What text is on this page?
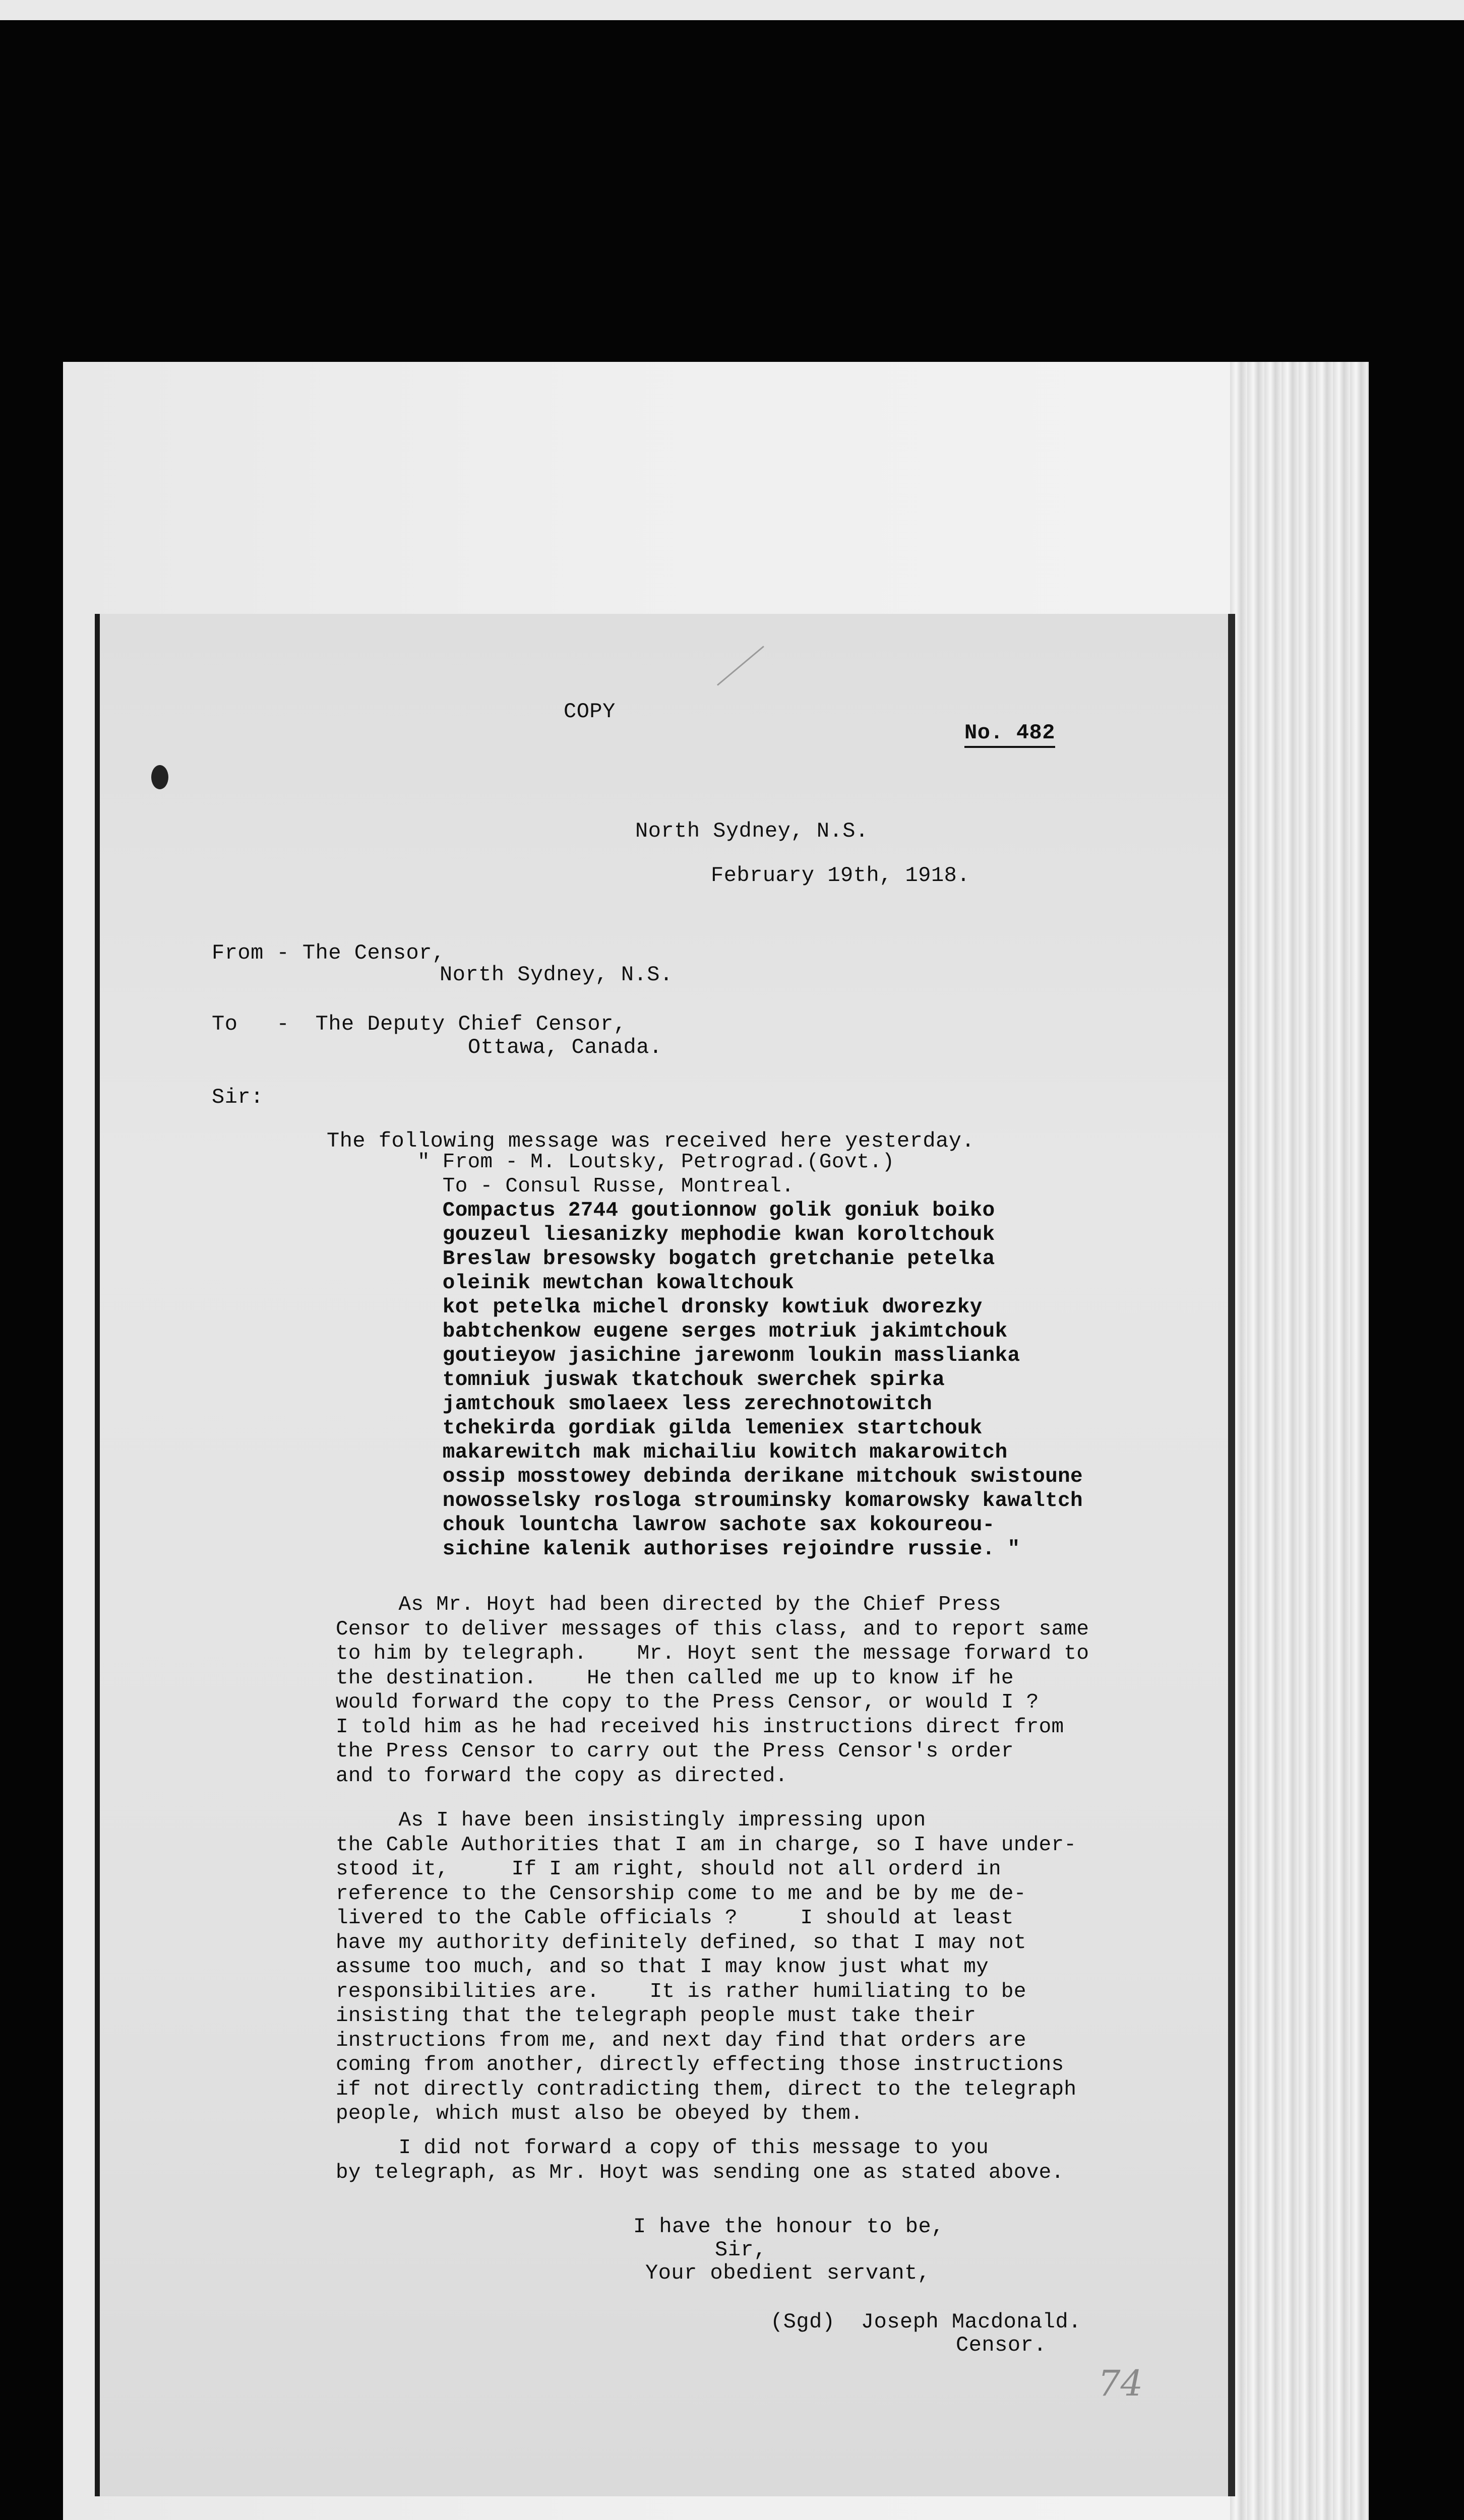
COPY
No. 482
North Sydney, N.S.
February 19th, 1918.
From - The Censor,
North Sydney, N.S.
To   -  The Deputy Chief Censor,
Ottawa, Canada.
Sir:
The following message was received here yesterday.
" From - M. Loutsky, Petrograd.(Govt.)
To - Consul Russe, Montreal.
Compactus 2744 goutionnow golik goniuk boiko
gouzeul liesanizky mephodie kwan koroltchouk
Breslaw bresowsky bogatch gretchanie petelka
oleinik mewtchan kowaltchouk
kot petelka michel dronsky kowtiuk dworezky
babtchenkow eugene serges motriuk jakimtchouk
goutieyow jasichine jarewonm loukin masslianka
tomniuk juswak tkatchouk swerchek spirka
jamtchouk smolaeex less zerechnotowitch
tchekirda gordiak gilda lemeniex startchouk
makarewitch mak michailiu kowitch makarowitch
ossip mosstowey debinda derikane mitchouk swistoune
nowosselsky rosloga strouminsky komarowsky kawaltch
chouk lountcha lawrow sachote sax kokoureou-
sichine kalenik authorises rejoindre russie. "
As Mr. Hoyt had been directed by the Chief Press
Censor to deliver messages of this class, and to report same
to him by telegraph.    Mr. Hoyt sent the message forward to
the destination.    He then called me up to know if he
would forward the copy to the Press Censor, or would I ?
I told him as he had received his instructions direct from
the Press Censor to carry out the Press Censor's order
and to forward the copy as directed.
As I have been insistingly impressing upon
the Cable Authorities that I am in charge, so I have under-
stood it,     If I am right, should not all orderd in
reference to the Censorship come to me and be by me de-
livered to the Cable officials ?     I should at least
have my authority definitely defined, so that I may not
assume too much, and so that I may know just what my
responsibilities are.    It is rather humiliating to be
insisting that the telegraph people must take their
instructions from me, and next day find that orders are
coming from another, directly effecting those instructions
if not directly contradicting them, direct to the telegraph
people, which must also be obeyed by them.
I did not forward a copy of this message to you
by telegraph, as Mr. Hoyt was sending one as stated above.
I have the honour to be,
Sir,
Your obedient servant,
(Sgd)  Joseph Macdonald.
Censor.
74
